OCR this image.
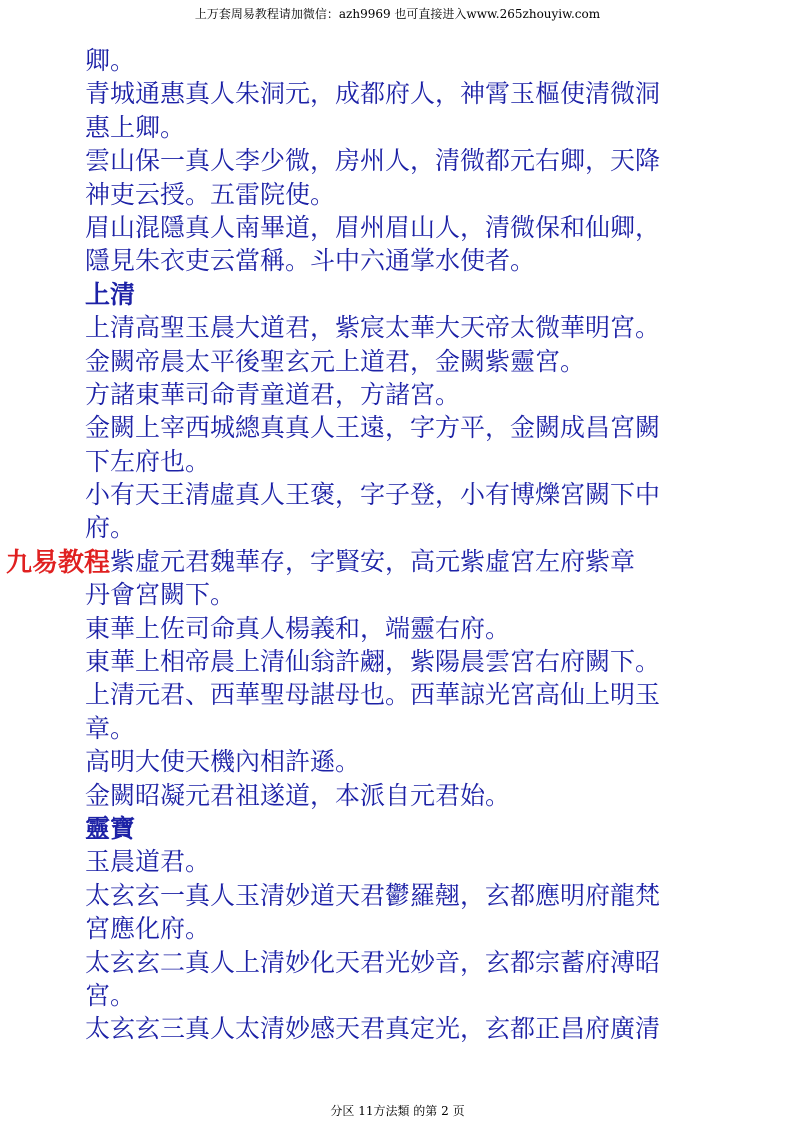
上万套周易教程请加微信：azh9969 也可直接进入www.265zhouyiw.com
卿。
青城通惠真人朱洞元，成都府人，神霄玉樞使清微洞
惠上卿。
雲山保一真人李少微，房州人，清微都元右卿，天降
神吏云授。五雷院使。
眉山混隱真人南畢道，眉州眉山人，清微保和仙卿，
隱見朱衣吏云當稱。斗中六通掌水使者。
上清
上清高聖玉晨大道君，紫宸太華大天帝太微華明宮。
金闕帝晨太平後聖玄元上道君，金闕紫靈宮。
方諸東華司命青童道君，方諸宮。
金闕上宰西城總真真人王遠，字方平，金闕成昌宮闕
下左府也。
小有天王清虛真人王褒，字子登，小有博爍宮闕下中
府。
　紫虛元君魏華存，字賢安，高元紫虛宮左府紫章
丹會宮闕下。
東華上佐司命真人楊義和，端靈右府。
東華上相帝晨上清仙翁許翽，紫陽晨雲宮右府闕下。
上清元君、西華聖母諶母也。西華諒光宮高仙上明玉
章。
高明大使天機內相許遜。
金闕昭凝元君祖遂道，本派自元君始。
靈寶
玉晨道君。
太玄玄一真人玉清妙道天君鬱羅翹，玄都應明府龍梵
宮應化府。
太玄玄二真人上清妙化天君光妙音，玄都宗蓄府溥昭
宮。
太玄玄三真人太清妙感天君真定光，玄都正昌府廣清
九易教程
分区 11方法類 的第 2 页
